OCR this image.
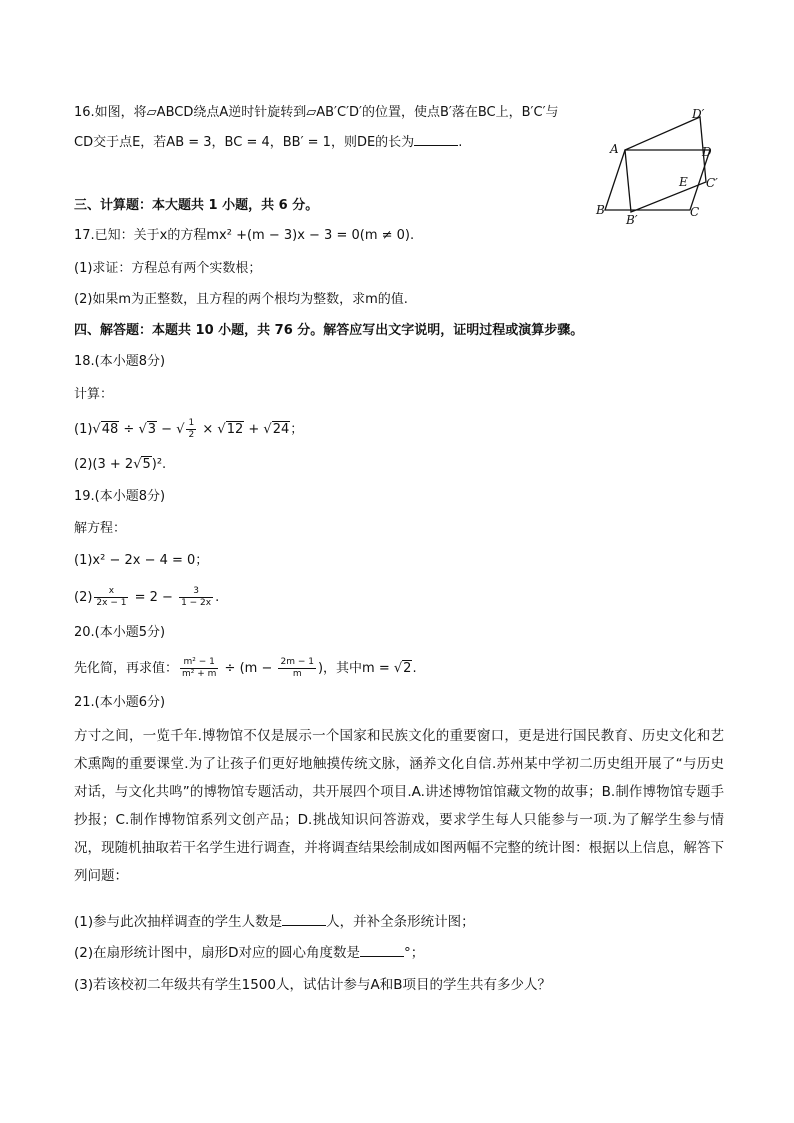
16.如图，将▱ABCD绕点A逆时针旋转到▱AB′C′D′的位置，使点B′落在BC上，B′C′与
CD交于点E，若AB = 3，BC = 4，BB′ = 1，则DE的长为	.
D′
A	D
E C′
B
B′
C
三、计算题：本大题共 1 小题，共 6 分。
17.已知：关于x的方程mx² +(m − 3)x − 3 = 0(m ≠ 0).
(1)求证：方程总有两个实数根；
(2)如果m为正整数，且方程的两个根均为整数，求m的值.
四、解答题：本题共 10 小题，共 76 分。解答应写出文字说明，证明过程或演算步骤。
18.(本小题8分)
计算：
(1)√48 ÷ √3 − √ $\frac{1}{2} \times √12 + √24$；
(2)(3 + 2√5)².
19.(本小题8分)
解方程：
(1)x² − 2x − 4 = 0；
$(2) \frac{x}{2x - 1} = 2 - \frac{3}{1 - 2x}$ .
20.(本小题5分)
先化简，再求值： $\frac{\text{m² − 1}}{\text{m² + m}} \div (m - \frac{2m - 1}{m}$ )，其中m = √2.
21.(本小题6分)
方寸之间，一览千年.博物馆不仅是展示一个国家和民族文化的重要窗口，更是进行国民教育、历史文化和艺术熏陶的重要课堂.为了让孩子们更好地触摸传统文脉，涵养文化自信.苏州某中学初二历史组开展了“与历史对话，与文化共鸣”的博物馆专题活动，共开展四个项目.A.讲述博物馆馆藏文物的故事；B.制作博物馆专题手抄报；C.制作博物馆系列文创产品；D.挑战知识问答游戏，要求学生每人只能参与一项.为了解学生参与情况，现随机抽取若干名学生进行调查，并将调查结果绘制成如图两幅不完整的统计图：根据以上信息，解答下列问题：
(1)参与此次抽样调查的学生人数是	人，并补全条形统计图；
(2)在扇形统计图中，扇形D对应的圆心角度数是	°；
(3)若该校初二年级共有学生1500人，试估计参与A和B项目的学生共有多少人？
